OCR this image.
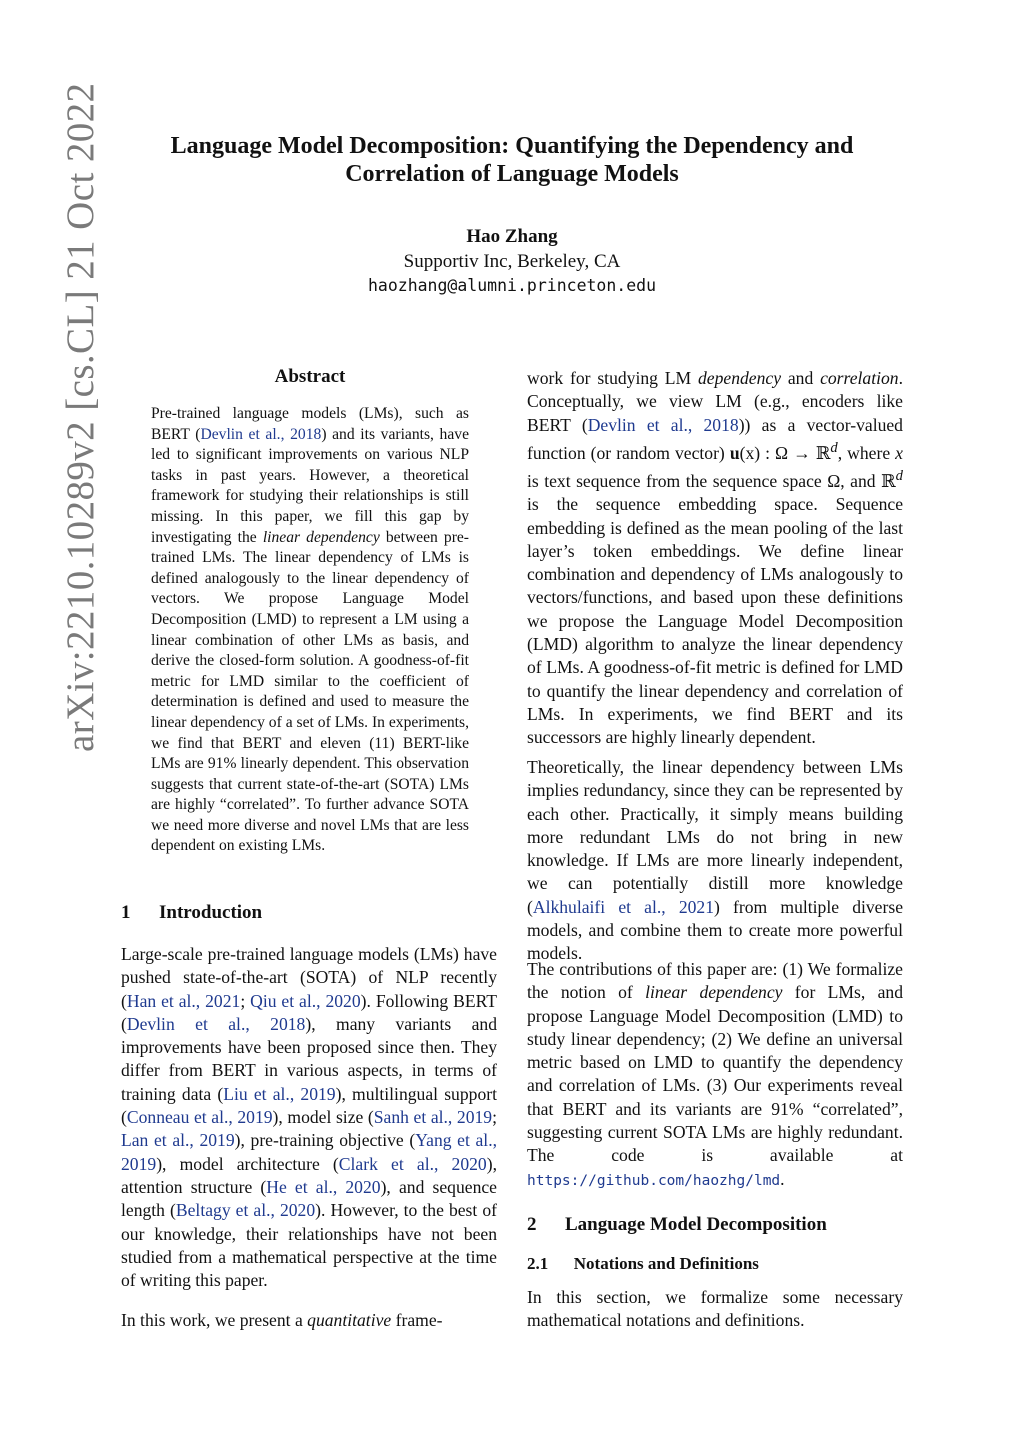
Language Model Decomposition: Quantifying the Dependency and Correlation of Language Models
Hao Zhang
Supportiv Inc, Berkeley, CA
haozhang@alumni.princeton.edu
arXiv:2210.10289v2 [cs.CL] 21 Oct 2022	Abstract
Pre-trained language models (LMs), such as BERT (Devlin et al., 2018) and its variants, have led to significant improvements on various NLP tasks in past years. However, a theoretical framework for studying their relationships is still missing. In this paper, we fill this gap by investigating the linear dependency between pre-trained LMs. The linear dependency of LMs is defined analogously to the linear dependency of vectors. We propose Language Model Decomposition (LMD) to represent a LM using a linear combination of other LMs as basis, and derive the closed-form solution. A goodness-of-fit metric for LMD similar to the coefficient of determination is defined and used to measure the linear dependency of a set of LMs. In experiments, we find that BERT and eleven (11) BERT-like LMs are 91% linearly dependent. This observation suggests that current state-of-the-art (SOTA) LMs are highly “correlated”. To further advance SOTA we need more diverse and novel LMs that are less dependent on existing LMs.
1  Introduction
Large-scale pre-trained language models (LMs) have pushed state-of-the-art (SOTA) of NLP recently (Han et al., 2021; Qiu et al., 2020). Following BERT (Devlin et al., 2018), many variants and improvements have been proposed since then. They differ from BERT in various aspects, in terms of training data (Liu et al., 2019), multilingual support (Conneau et al., 2019), model size (Sanh et al., 2019; Lan et al., 2019), pre-training objective (Yang et al., 2019), model architecture (Clark et al., 2020), attention structure (He et al., 2020), and sequence length (Beltagy et al., 2020). However, to the best of our knowledge, their relationships have not been studied from a mathematical perspective at the time of writing this paper.
In this work, we present a quantitative frame-
work for studying LM dependency and correlation. Conceptually, we view LM (e.g., encoders like BERT (Devlin et al., 2018)) as a vector-valued function (or random vector) u(x) : Ω → ℝ$^d$, where x is text sequence from the sequence space Ω, and ℝ$^d$ is the sequence embedding space. Sequence embedding is defined as the mean pooling of the last layer’s token embeddings. We define linear combination and dependency of LMs analogously to vectors/functions, and based upon these definitions we propose the Language Model Decomposition (LMD) algorithm to analyze the linear dependency of LMs. A goodness-of-fit metric is defined for LMD to quantify the linear dependency and correlation of LMs. In experiments, we find BERT and its successors are highly linearly dependent.
Theoretically, the linear dependency between LMs implies redundancy, since they can be represented by each other. Practically, it simply means building more redundant LMs do not bring in new knowledge. If LMs are more linearly independent, we can potentially distill more knowledge (Alkhulaifi et al., 2021) from multiple diverse models, and combine them to create more powerful models.
The contributions of this paper are: (1) We formalize the notion of linear dependency for LMs, and propose Language Model Decomposition (LMD) to study linear dependency; (2) We define an universal metric based on LMD to quantify the dependency and correlation of LMs. (3) Our experiments reveal that BERT and its variants are 91% “correlated”, suggesting current SOTA LMs are highly redundant. The code is available at https://github.com/haozhg/lmd.
2  Language Model Decomposition
2.1  Notations and Definitions
In this section, we formalize some necessary mathematical notations and definitions.
